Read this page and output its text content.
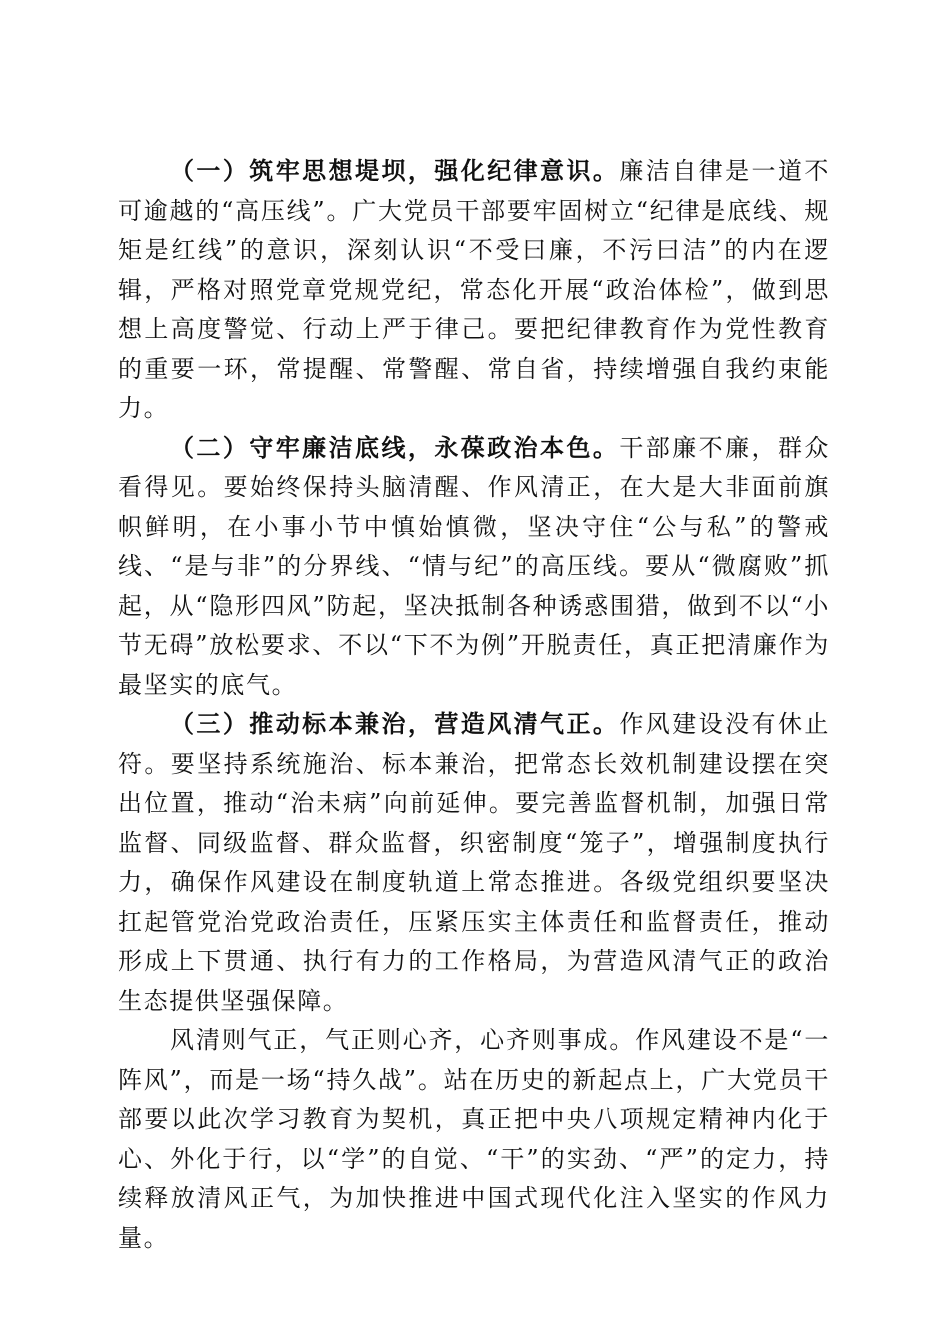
（一）筑牢思想堤坝，强化纪律意识。廉洁自律是一道不可逾越的“高压线”。广大党员干部要牢固树立“纪律是底线、规矩是红线”的意识，深刻认识“不受曰廉，不污曰洁”的内在逻辑，严格对照党章党规党纪，常态化开展“政治体检”，做到思想上高度警觉、行动上严于律己。要把纪律教育作为党性教育的重要一环，常提醒、常警醒、常自省，持续增强自我约束能力。

（二）守牢廉洁底线，永葆政治本色。干部廉不廉，群众看得见。要始终保持头脑清醒、作风清正，在大是大非面前旗帜鲜明，在小事小节中慎始慎微，坚决守住“公与私”的警戒线、“是与非”的分界线、“情与纪”的高压线。要从“微腐败”抓起，从“隐形四风”防起，坚决抵制各种诱惑围猎，做到不以“小节无碍”放松要求、不以“下不为例”开脱责任，真正把清廉作为最坚实的底气。

（三）推动标本兼治，营造风清气正。作风建设没有休止符。要坚持系统施治、标本兼治，把常态长效机制建设摆在突出位置，推动“治未病”向前延伸。要完善监督机制，加强日常监督、同级监督、群众监督，织密制度“笼子”，增强制度执行力，确保作风建设在制度轨道上常态推进。各级党组织要坚决扛起管党治党政治责任，压紧压实主体责任和监督责任，推动形成上下贯通、执行有力的工作格局，为营造风清气正的政治生态提供坚强保障。

风清则气正，气正则心齐，心齐则事成。作风建设不是“一阵风”，而是一场“持久战”。站在历史的新起点上，广大党员干部要以此次学习教育为契机，真正把中央八项规定精神内化于心、外化于行，以“学”的自觉、“干”的实劲、“严”的定力，持续释放清风正气，为加快推进中国式现代化注入坚实的作风力量。
